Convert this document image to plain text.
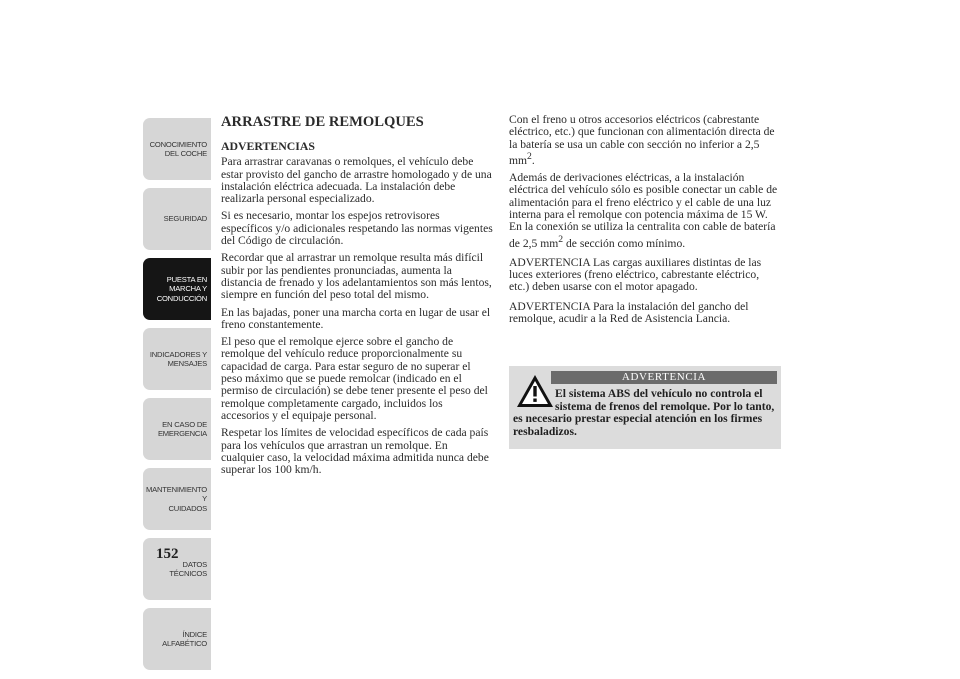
CONOCIMIENTO
DEL COCHE
SEGURIDAD
PUESTA EN
MARCHA Y
CONDUCCIÓN
INDICADORES Y
MENSAJES
EN CASO DE
EMERGENCIA
MANTENIMIENTO Y
CUIDADOS
DATOS TÉCNICOS
ÍNDICE
ALFABÉTICO
152
ARRASTRE DE REMOLQUES
ADVERTENCIAS

Para arrastrar caravanas o remolques, el vehículo debe estar provisto del gancho de arrastre homologado y de una instalación eléctrica adecuada. La instalación debe realizarla personal especializado.

Si es necesario, montar los espejos retrovisores específicos y/o adicionales respetando las normas vigentes del Código de circulación.

Recordar que al arrastrar un remolque resulta más difícil subir por las pendientes pronunciadas, aumenta la distancia de frenado y los adelantamientos son más lentos, siempre en función del peso total del mismo.

En las bajadas, poner una marcha corta en lugar de usar el freno constantemente.

El peso que el remolque ejerce sobre el gancho de remolque del vehículo reduce proporcionalmente su capacidad de carga. Para estar seguro de no superar el peso máximo que se puede remolcar (indicado en el permiso de circulación) se debe tener presente el peso del remolque completamente cargado, incluidos los accesorios y el equipaje personal.

Respetar los límites de velocidad específicos de cada país para los vehículos que arrastran un remolque. En cualquier caso, la velocidad máxima admitida nunca debe superar los 100 km/h.

Con el freno u otros accesorios eléctricos (cabrestante eléctrico, etc.) que funcionan con alimentación directa de la batería se usa un cable con sección no inferior a 2,5 $mm^2$.

Además de derivaciones eléctricas, a la instalación eléctrica del vehículo sólo es posible conectar un cable de alimentación para el freno eléctrico y el cable de una luz interna para el remolque con potencia máxima de 15 W. En la conexión se utiliza la centralita con cable de batería de 2,5 $mm^2$ de sección como mínimo.

ADVERTENCIA Las cargas auxiliares distintas de las luces exteriores (freno eléctrico, cabrestante eléctrico, etc.) deben usarse con el motor apagado.

ADVERTENCIA Para la instalación del gancho del remolque, acudir a la Red de Asistencia Lancia.

ADVERTENCIA
El sistema ABS del vehículo no controla el sistema de frenos del remolque. Por lo tanto, es necesario prestar especial atención en los firmes resbaladizos.
